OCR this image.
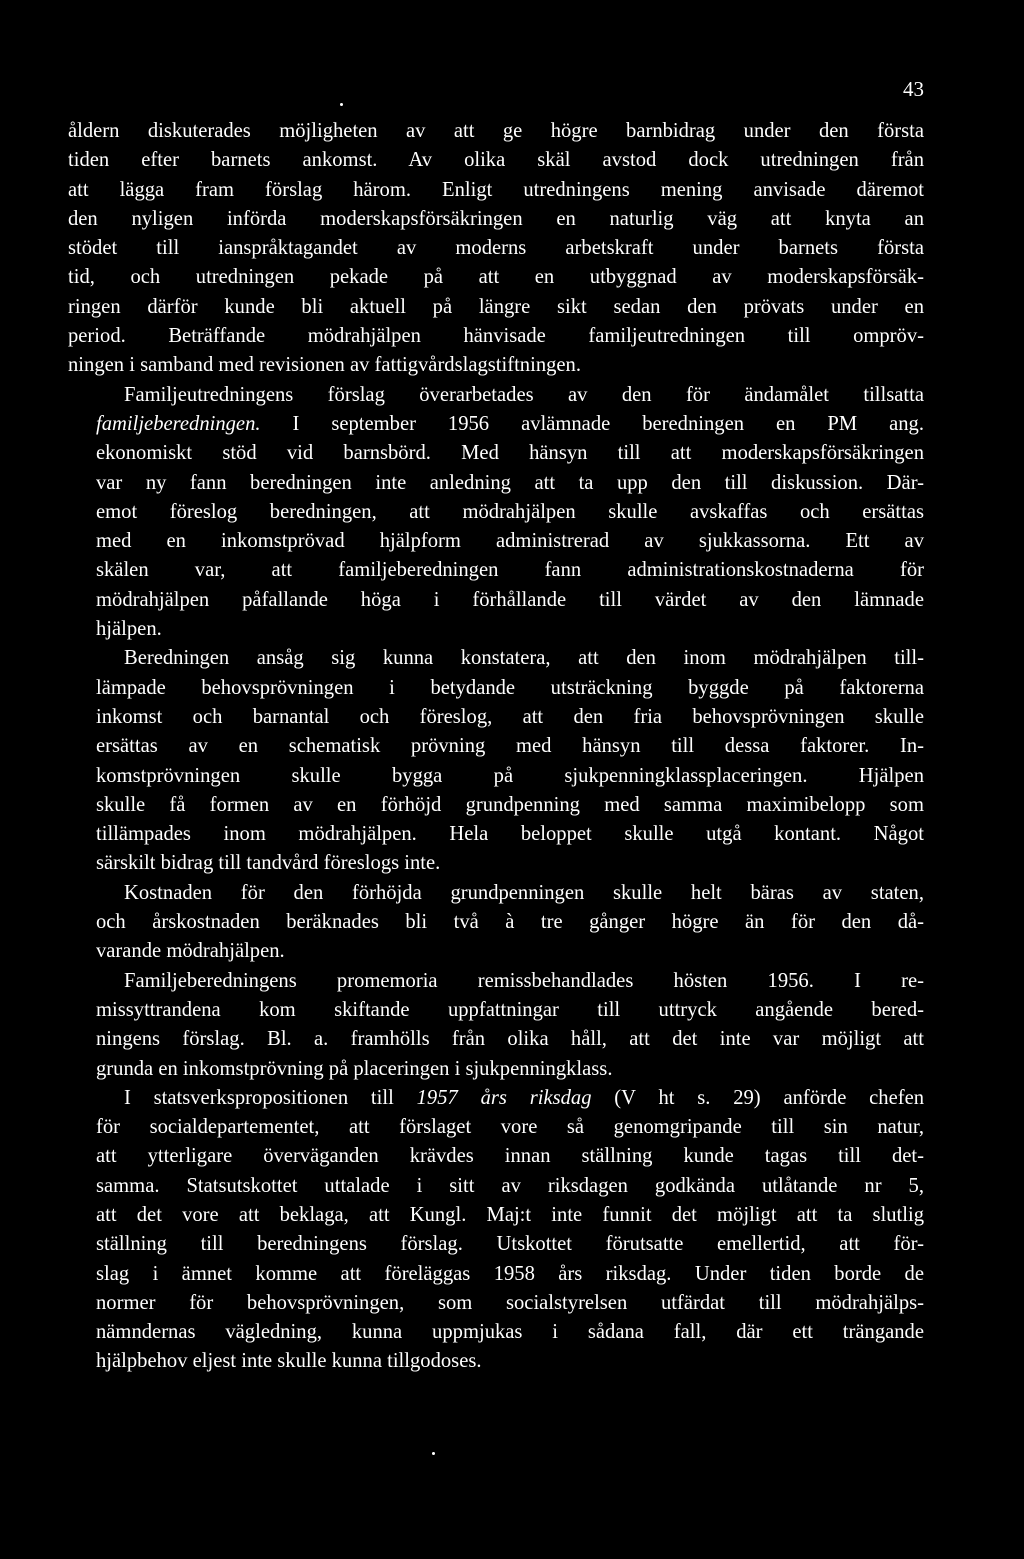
43

åldern diskuterades möjligheten av att ge högre barnbidrag under den första
tiden efter barnets ankomst. Av olika skäl avstod dock utredningen från
att lägga fram förslag härom. Enligt utredningens mening anvisade däremot
den nyligen införda moderskapsförsäkringen en naturlig väg att knyta an
stödet till ianspråktagandet av moderns arbetskraft under barnets första
tid, och utredningen pekade på att en utbyggnad av moderskapsförsäk-
ringen därför kunde bli aktuell på längre sikt sedan den prövats under en
period. Beträffande mödrahjälpen hänvisade familjeutredningen till ompröv-
ningen i samband med revisionen av fattigvårdslagstiftningen.

Familjeutredningens förslag överarbetades av den för ändamålet tillsatta
familjeberedningen. I september 1956 avlämnade beredningen en PM ang.
ekonomiskt stöd vid barnsbörd. Med hänsyn till att moderskapsförsäkringen
var ny fann beredningen inte anledning att ta upp den till diskussion. Där-
emot föreslog beredningen, att mödrahjälpen skulle avskaffas och ersättas
med en inkomstprövad hjälpform administrerad av sjukkassorna. Ett av
skälen var, att familjeberedningen fann administrationskostnaderna för
mödrahjälpen påfallande höga i förhållande till värdet av den lämnade
hjälpen.

Beredningen ansåg sig kunna konstatera, att den inom mödrahjälpen till-
lämpade behovsprövningen i betydande utsträckning byggde på faktorerna
inkomst och barnantal och föreslog, att den fria behovsprövningen skulle
ersättas av en schematisk prövning med hänsyn till dessa faktorer. In-
komstprövningen skulle bygga på sjukpenningklassplaceringen. Hjälpen
skulle få formen av en förhöjd grundpenning med samma maximibelopp som
tillämpades inom mödrahjälpen. Hela beloppet skulle utgå kontant. Något
särskilt bidrag till tandvård föreslogs inte.

Kostnaden för den förhöjda grundpenningen skulle helt bäras av staten,
och årskostnaden beräknades bli två à tre gånger högre än för den då-
varande mödrahjälpen.

Familjeberedningens promemoria remissbehandlades hösten 1956. I re-
missyttrandena kom skiftande uppfattningar till uttryck angående bered-
ningens förslag. Bl. a. framhölls från olika håll, att det inte var möjligt att
grunda en inkomstprövning på placeringen i sjukpenningklass.

I statsverkspropositionen till 1957 års riksdag (V ht s. 29) anförde chefen
för socialdepartementet, att förslaget vore så genomgripande till sin natur,
att ytterligare överväganden krävdes innan ställning kunde tagas till det-
samma. Statsutskottet uttalade i sitt av riksdagen godkända utlåtande nr 5,
att det vore att beklaga, att Kungl. Maj:t inte funnit det möjligt att ta slutlig
ställning till beredningens förslag. Utskottet förutsatte emellertid, att för-
slag i ämnet komme att föreläggas 1958 års riksdag. Under tiden borde de
normer för behovsprövningen, som socialstyrelsen utfärdat till mödrahjälps-
nämndernas vägledning, kunna uppmjukas i sådana fall, där ett trängande
hjälpbehov eljest inte skulle kunna tillgodoses.
